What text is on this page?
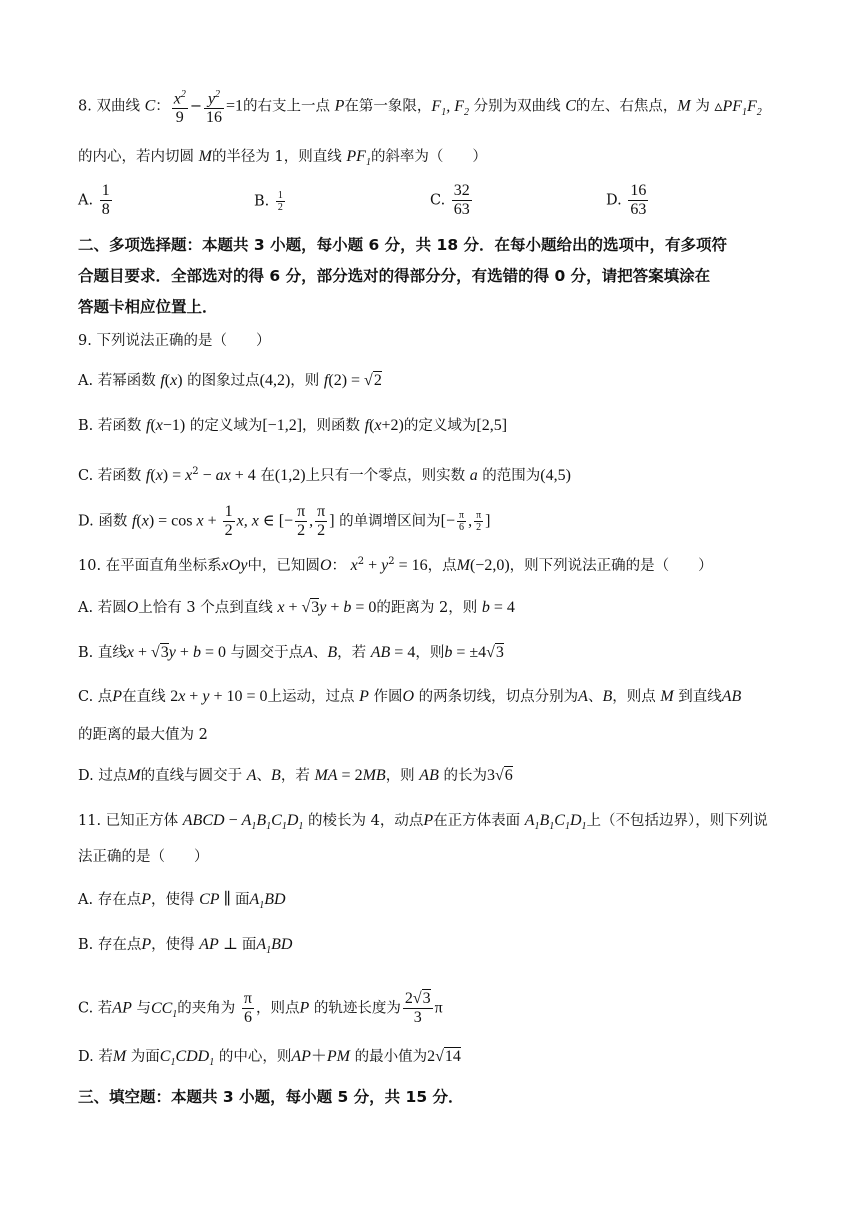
8. 双曲线 C： $\frac{x^2}{9} - \frac{y^2}{16} =1$的右支上一点 P在第一象限，$F_1$, $F_2$ 分别为双曲线 C的左、右焦点，M 为 $▵PF_1F_2$
的内心，若内切圆 M的半径为 1，则直线 $PF_1$的斜率为（　　）
A. $\frac{1}{8}$	B. $\frac{1}{2}$	C. $\frac{32}{63}$	D. $\frac{16}{63}$
二、多项选择题：本题共 3 小题，每小题 6 分，共 18 分．在每小题给出的选项中，有多项符
合题目要求．全部选对的得 6 分，部分选对的得部分分，有选错的得 0 分，请把答案填涂在
答题卡相应位置上．
9. 下列说法正确的是（　　）
A. 若幂函数 f(x) 的图象过点(4,2)，则 f(2) = √2
B. 若函数 f(x−1) 的定义域为[−1,2]，则函数 f(x+2)的定义域为[2,5]
C. 若函数 $f(x) = x^2$ − ax + 4 在(1,2)上只有一个零点，则实数 a 的范围为(4,5)
D. 函数 $f(x) = \cos x + \frac{1}{2} x$, x ∈ [− $\frac{\pi}{2}$ , $\frac{\pi}{2}$ ] 的单调增区间为[− $\frac{\pi}{6}$ , $\frac{\pi}{2}$ ]
10. 在平面直角坐标系xOy中，已知圆O： $x^2 + y^2 = 16$，点M(−2,0)，则下列说法正确的是（　　）
A. 若圆O上恰有 3 个点到直线 x + √3y + b = 0的距离为 2，则 b = 4
B. 直线x + √3y + b = 0 与圆交于点A、B，若 AB = 4，则b = ±4√3
C. 点P在直线 2x + y + 10 = 0上运动，过点 P 作圆O 的两条切线，切点分别为A、B，则点 M 到直线AB
的距离的最大值为 2
D. 过点M的直线与圆交于 A、B，若 MA = 2MB，则 AB 的长为3√6
11. 已知正方体 ABCD − $A_1B_1C_1D_1$ 的棱长为 4，动点P在正方体表面 $A_1B_1C_1D_1$上（不包括边界），则下列说
法正确的是（　　）
A. 存在点P，使得 CP ∥ 面$A_1BD$
B. 存在点P，使得 AP ⊥ 面$A_1BD$
C. 若AP 与$CC_1$的夹角为 $\frac{\pi}{6}$ ，则点P 的轨迹长度为 $\frac{2√3}{3}$ π
D. 若M 为面$C_1CDD_1$ 的中心，则AP＋PM 的最小值为2√14
三、填空题：本题共 3 小题，每小题 5 分，共 15 分．
